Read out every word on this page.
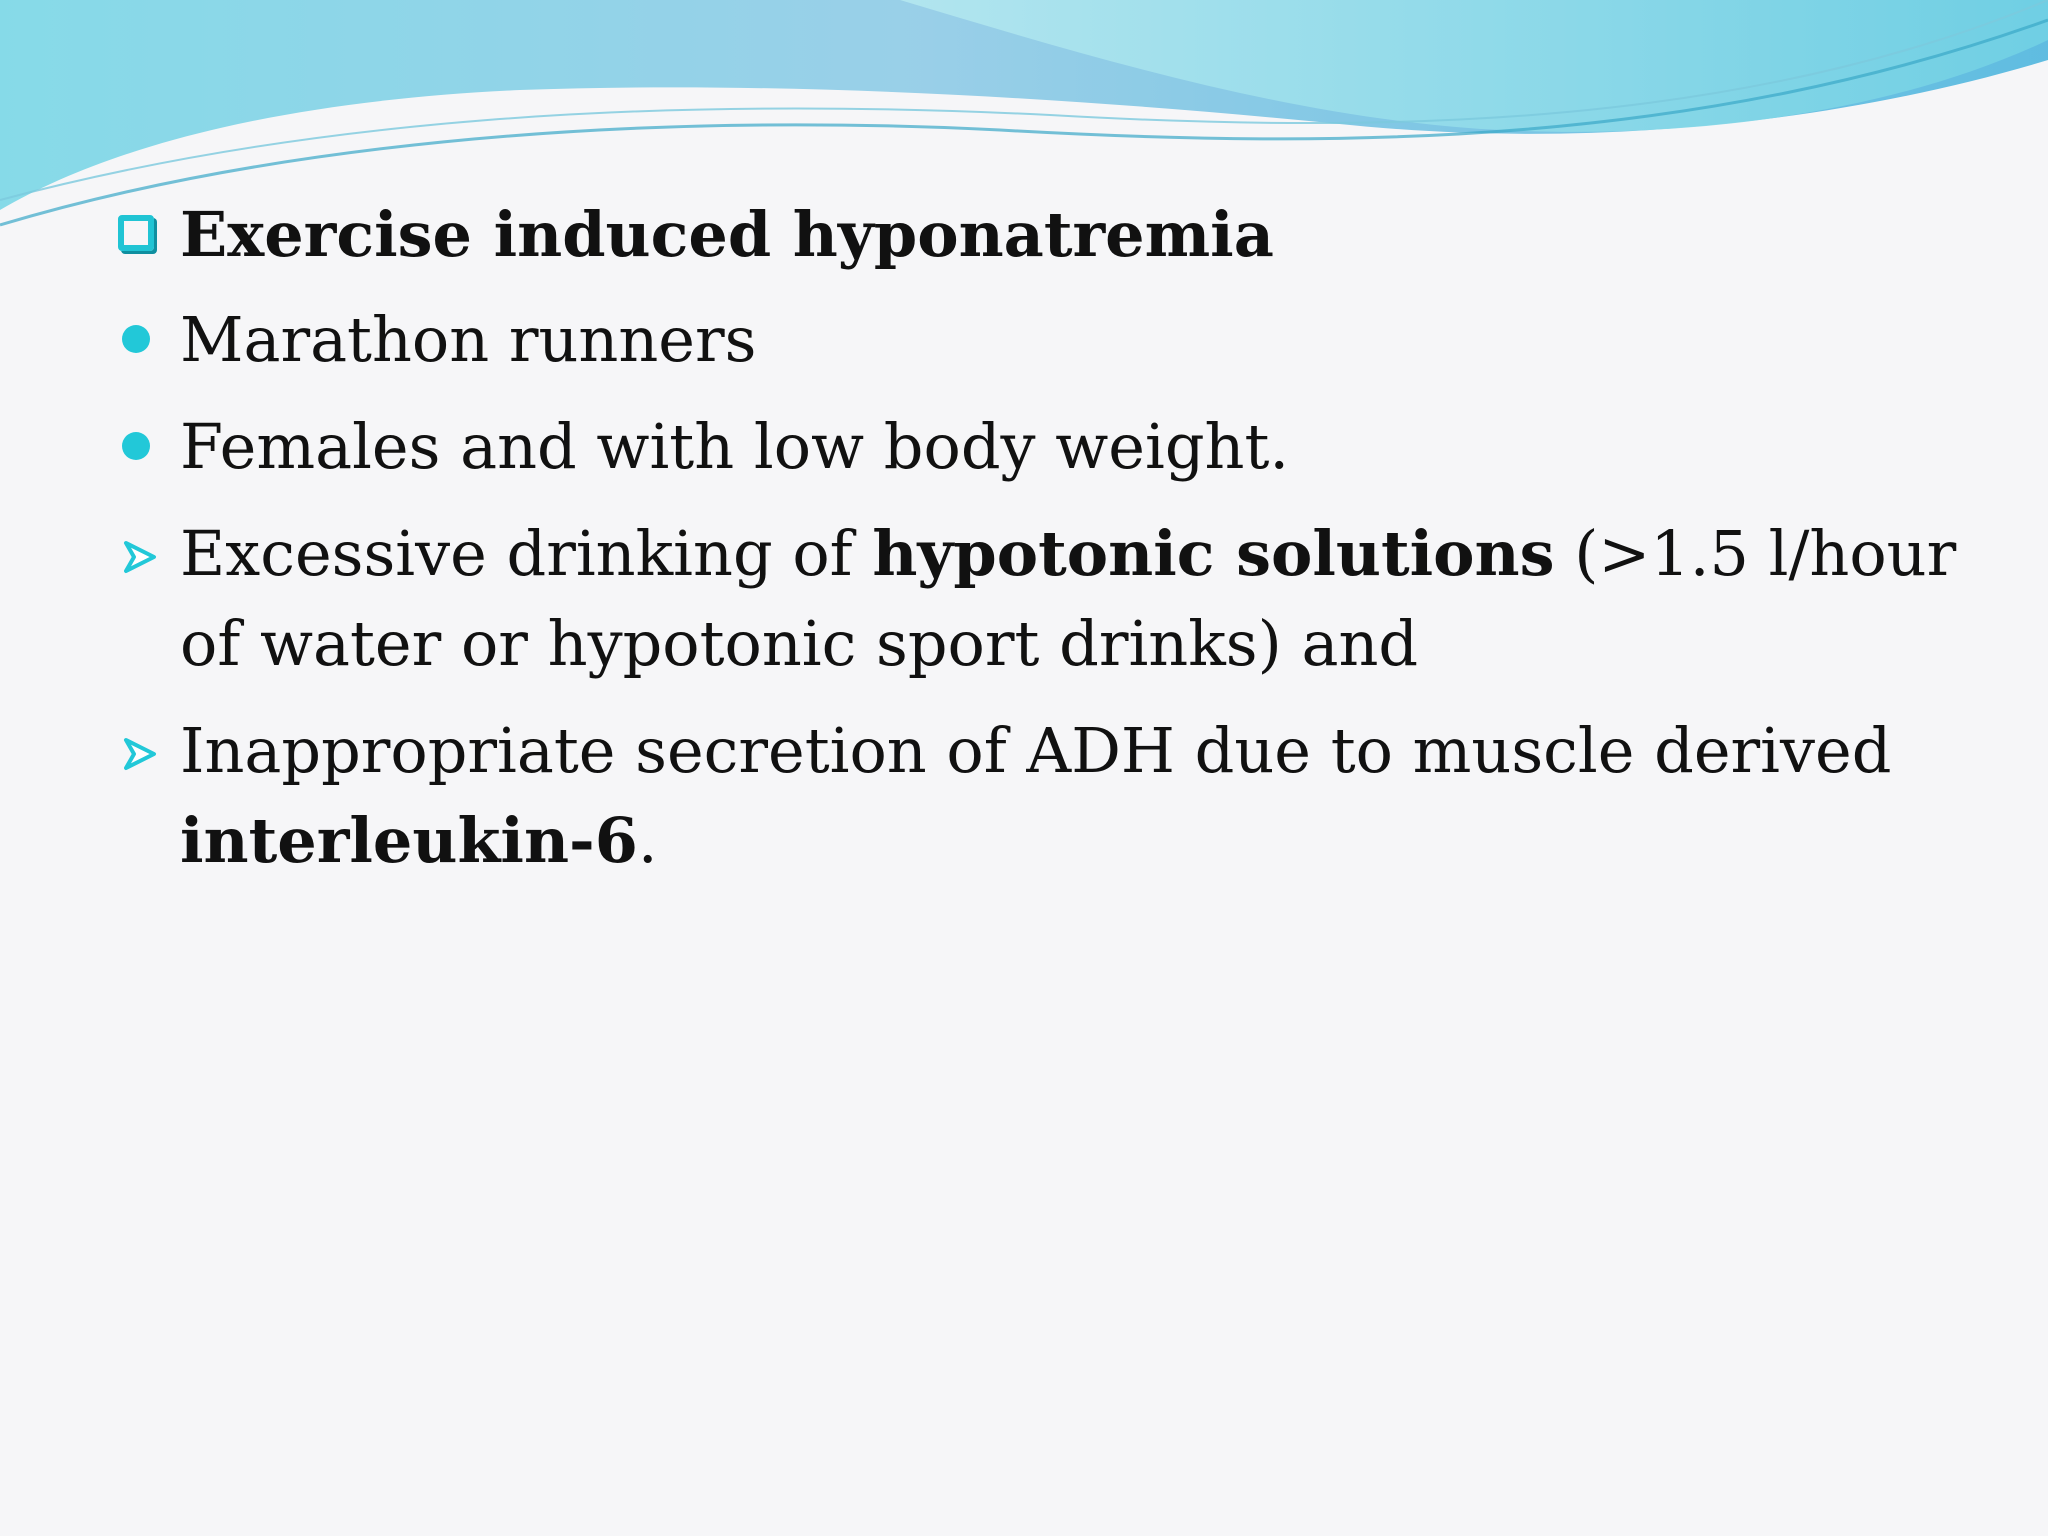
Exercise induced hyponatremia
Marathon runners
Females and with low body weight.
Excessive drinking of hypotonic solutions (>1.5 l/hour of water or hypotonic sport drinks) and
Inappropriate secretion of ADH due to muscle derived interleukin-6.
